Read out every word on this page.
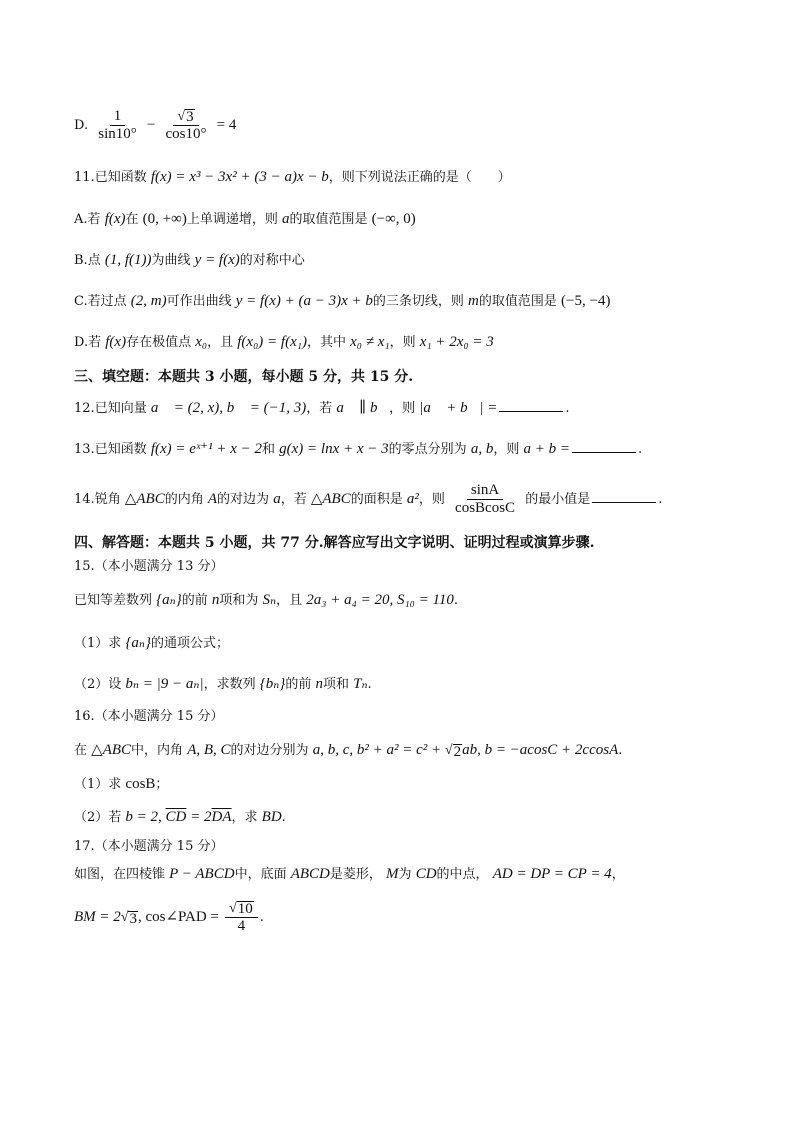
D. $\frac{1}{\sin 10^\circ} - \frac{√ 3}{\cos 10^\circ} = 4$
11.已知函数 f(x) = x³ − 3x² + (3 − a)x − b，则下列说法正确的是（　　）
A.若 f(x)在 (0, +∞)上单调递增，则 a的取值范围是 (−∞, 0)
B.点 (1, f(1))为曲线 y = f(x)的对称中心
C.若过点 (2, m)可作出曲线 y = f(x) + (a − 3)x + b的三条切线，则 m的取值范围是 (−5, −4)
D.若 f(x)存在极值点 x₀，且 f(x₀) = f(x₁)，其中 x₀ ≠ x₁，则 x₁ + 2x₀ = 3
三、填空题：本题共 3 小题，每小题 5 分，共 15 分.
12.已知向量 a⃗ = (2, x), b⃗ = (−1, 3)，若 a⃗ ∥ b⃗，则 |a⃗ + b⃗| =	.
13.已知函数 f(x) = eˣ⁺¹ + x − 2和 g(x) = lnx + x − 3的零点分别为 a, b，则 a + b =	.
14.锐角 △ABC的内角 A的对边为 a，若 △ABC的面积是 a²，则 $\frac{\sin A}{\text{cosBcosC}}$ 的最小值是	.
四、解答题：本题共 5 小题，共 77 分.解答应写出文字说明、证明过程或演算步骤.
15.（本小题满分 13 分）
已知等差数列 {aₙ}的前 n项和为 Sₙ，且 2a₃ + a₄ = 20, S₁₀ = 110.
（1）求 {aₙ}的通项公式；
（2）设 bₙ = |9 − aₙ|，求数列 {bₙ}的前 n项和 Tₙ.
16.（本小题满分 15 分）
在 △ABC中，内角 A, B, C的对边分别为 a, b, c, b² + a² = c² + √ 2 ab, b = −acosC + 2ccosA.
（1）求 cosB；
（2）若 b = 2, $\overline{CD} = 2\overline{DA}$，求 BD.
17.（本小题满分 15 分）
如图，在四棱锥 P − ABCD中，底面 ABCD是菱形， M为 CD的中点， AD = DP = CP = 4，
BM = 2 √ 3 , cos∠PAD = $\frac{√ 10}{4}$ .
